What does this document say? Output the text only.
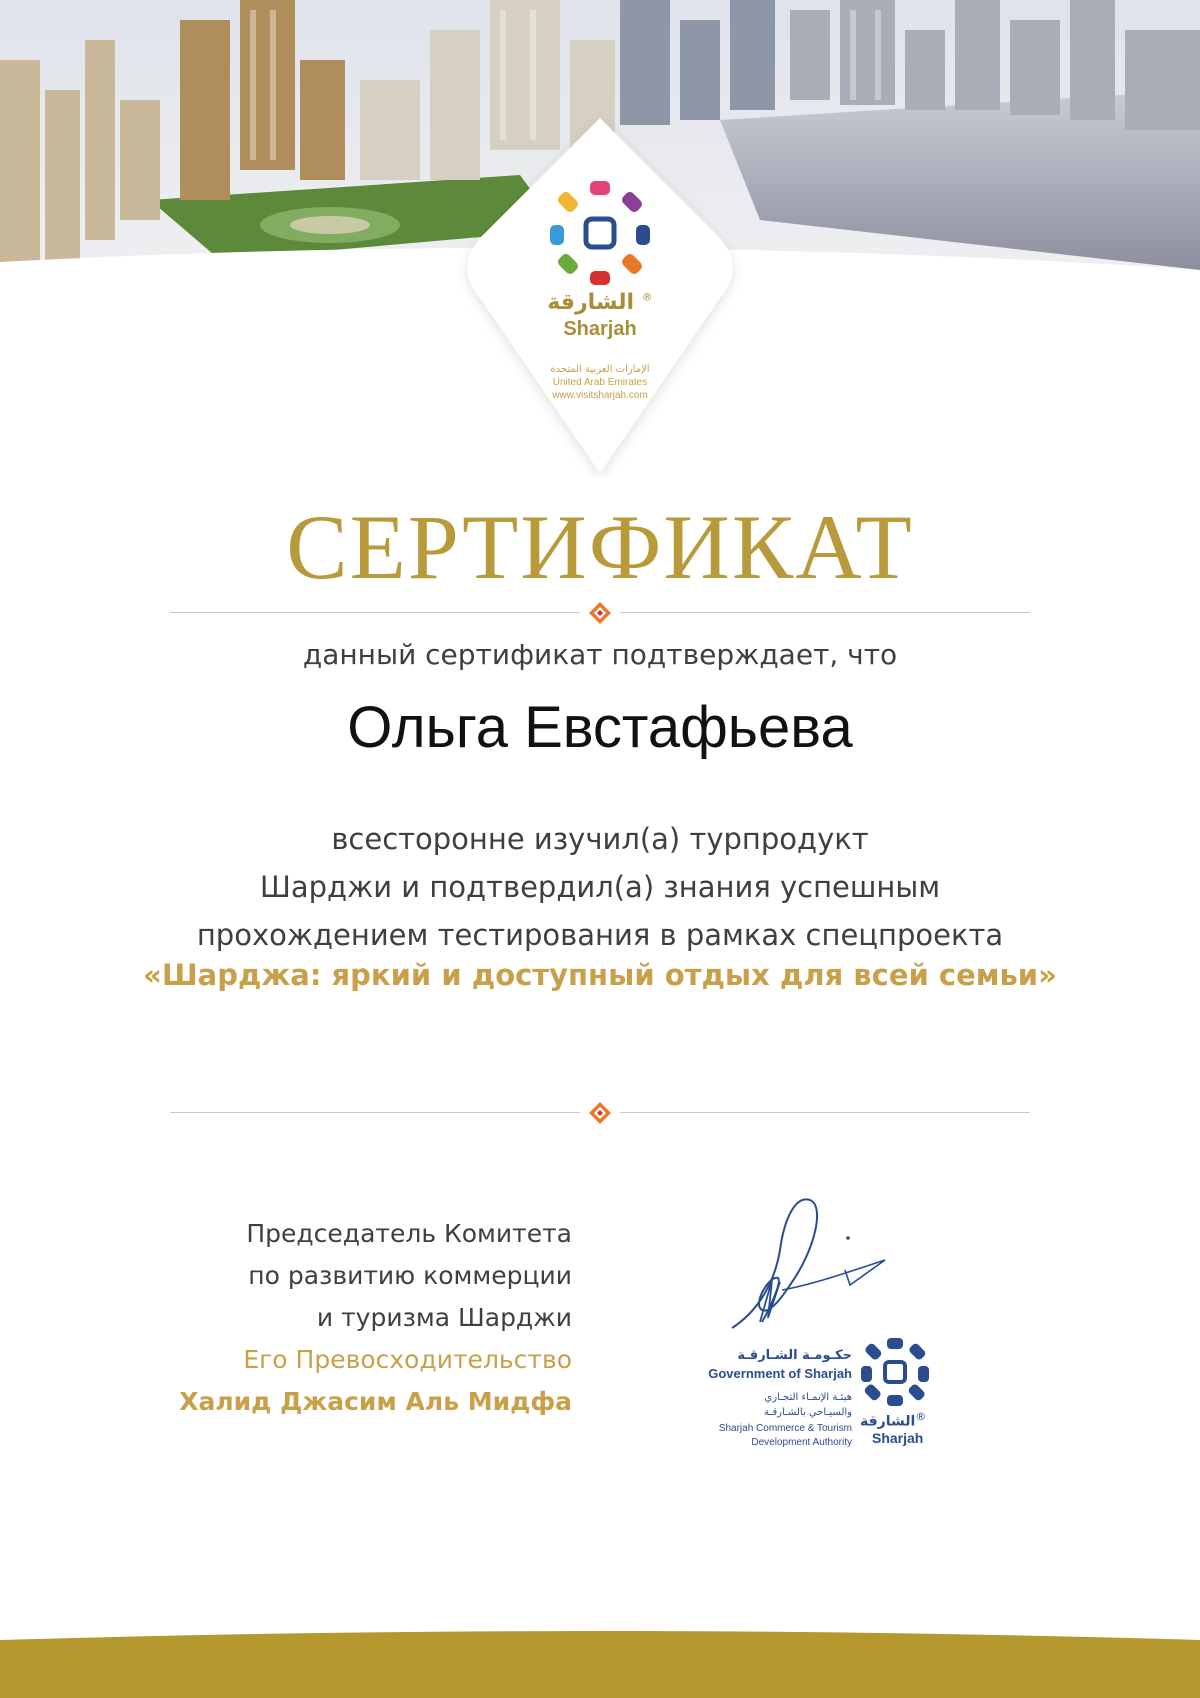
الشارقة ®
Sharjah
الإمارات العربية المتحدة
United Arab Emirates
www.visitsharjah.com
СЕРТИФИКАТ
данный сертификат подтверждает, что
Ольга Евстафьева
всесторонне изучил(а) турпродукт
Шарджи и подтвердил(а) знания успешным
прохождением тестирования в рамках спецпроекта
«Шарджа: яркий и доступный отдых для всей семьи»
Председатель Комитета
по развитию коммерции
и туризма Шарджи
Его Превосходительство
Халид Джасим Аль Мидфа
حكـومـة الشـارقـة
Government of Sharjah
هيئـة الإنمـاء التجـاري
والسيـاحي بالشـارقـة
Sharjah Commerce & Tourism
Development Authority
الشارقة®
Sharjah
